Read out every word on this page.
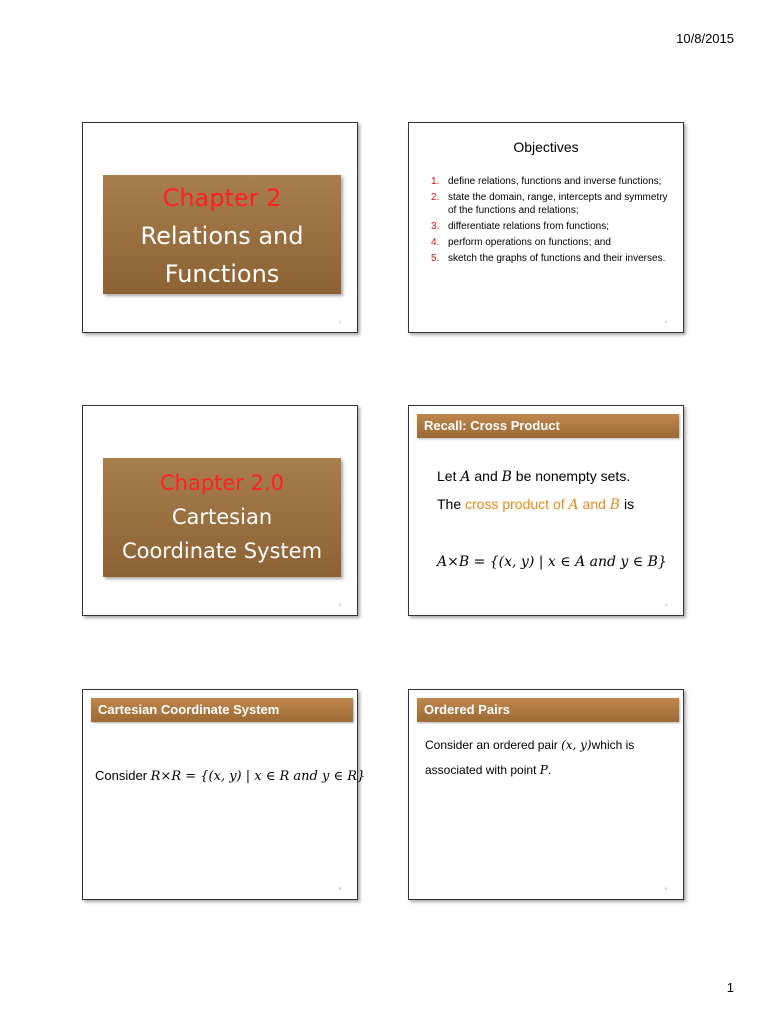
10/8/2015
Chapter 2
Relations and
Functions
1
Objectives
1. define relations, functions and inverse functions;
2. state the domain, range, intercepts and symmetry of the functions and relations;
3. differentiate relations from functions;
4. perform operations on functions; and
5. sketch the graphs of functions and their inverses.
2
Chapter 2.0
Cartesian
Coordinate System
3
Recall: Cross Product
Let A and B be nonempty sets.
The cross product of A and B is
A×B = {(x, y) | x ∈ A and y ∈ B}
4
Cartesian Coordinate System
Consider R×R = {(x, y) | x ∈ R and y ∈ R}
5
Ordered Pairs
Consider an ordered pair (x, y)which is
associated with point P.
6
1
